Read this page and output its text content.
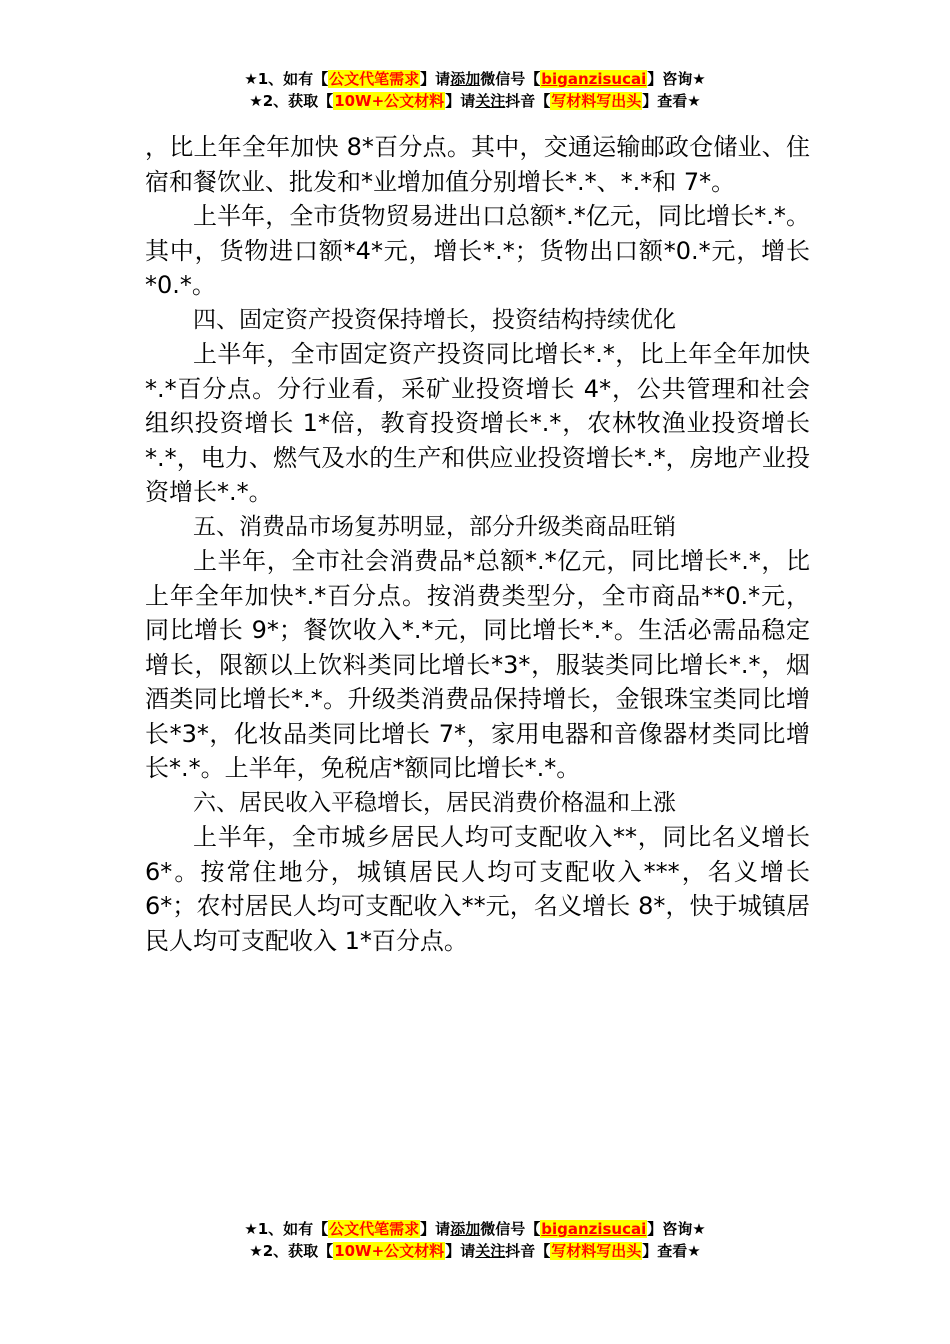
★1、如有【公文代笔需求】请添加微信号【biganzisucai】咨询★
★2、获取【10W+公文材料】请关注抖音【写材料写出头】查看★

，比上年全年加快 8*百分点。其中，交通运输邮政仓储业、住宿和餐饮业、批发和*业增加值分别增长*.*、*.*和 7*。

上半年，全市货物贸易进出口总额*.*亿元，同比增长*.*。其中，货物进口额*4*元，增长*.*；货物出口额*0.*元，增长*0.*。

四、固定资产投资保持增长，投资结构持续优化

上半年，全市固定资产投资同比增长*.*，比上年全年加快*.*百分点。分行业看，采矿业投资增长 4*，公共管理和社会组织投资增长 1*倍，教育投资增长*.*，农林牧渔业投资增长*.*，电力、燃气及水的生产和供应业投资增长*.*，房地产业投资增长*.*。

五、消费品市场复苏明显，部分升级类商品旺销

上半年，全市社会消费品*总额*.*亿元，同比增长*.*，比上年全年加快*.*百分点。按消费类型分，全市商品**0.*元，同比增长 9*；餐饮收入*.*元，同比增长*.*。生活必需品稳定增长，限额以上饮料类同比增长*3*，服装类同比增长*.*，烟酒类同比增长*.*。升级类消费品保持增长，金银珠宝类同比增长*3*，化妆品类同比增长 7*，家用电器和音像器材类同比增长*.*。上半年，免税店*额同比增长*.*。

六、居民收入平稳增长，居民消费价格温和上涨

上半年，全市城乡居民人均可支配收入**，同比名义增长 6*。按常住地分，城镇居民人均可支配收入***，名义增长 6*；农村居民人均可支配收入**元，名义增长 8*，快于城镇居民人均可支配收入 1*百分点。

★1、如有【公文代笔需求】请添加微信号【biganzisucai】咨询★
★2、获取【10W+公文材料】请关注抖音【写材料写出头】查看★
